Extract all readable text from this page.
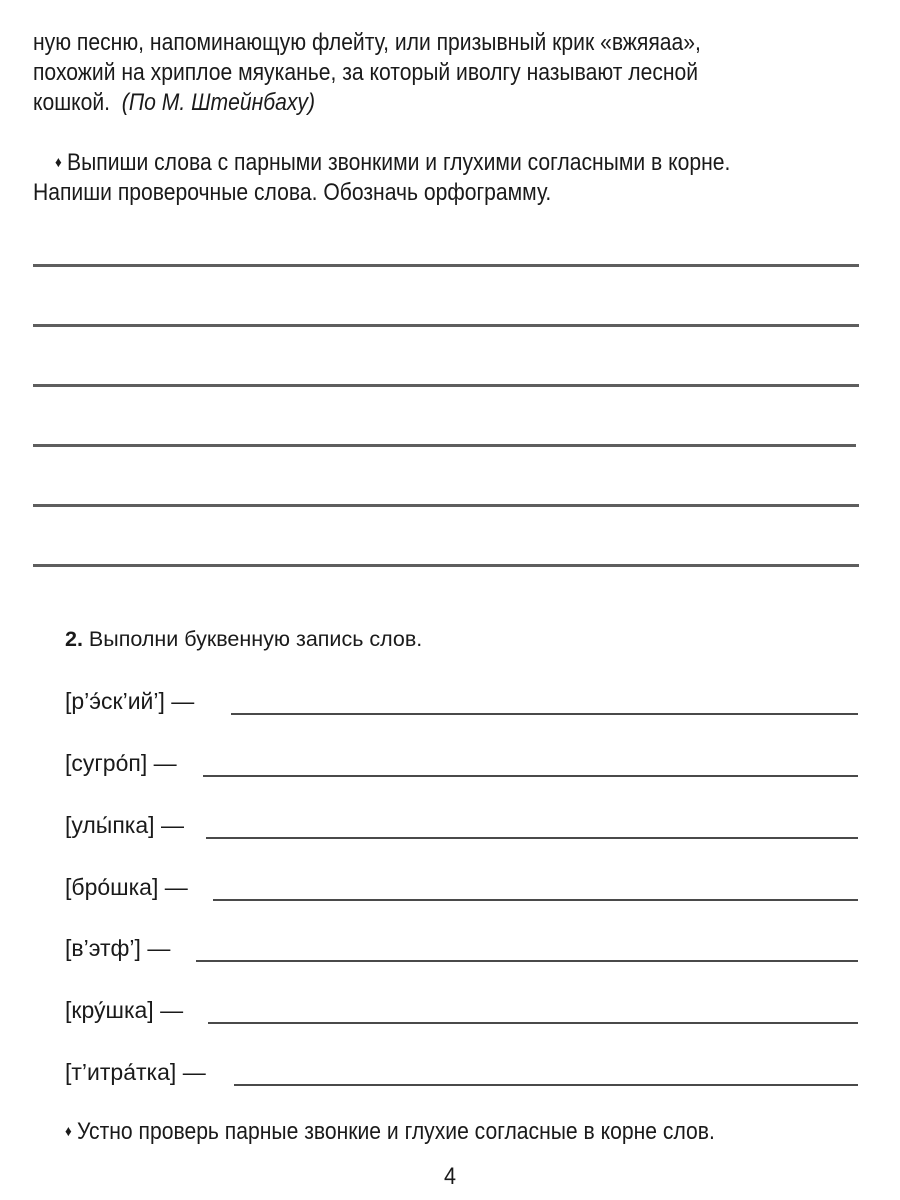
ную песню, напоминающую флейту, или призывный крик «вжяяаа»,
похожий на хриплое мяуканье, за который иволгу называют лесной
кошкой. (По М. Штейнбаху)
♦ Выпиши слова с парными звонкими и глухими согласными в корне.
Напиши проверочные слова. Обозначь орфограмму.
2. Выполни буквенную запись слов.
[р’э́ск’ий’] —
[сугро́п] —
[улы́пка] —
[бро́шка] —
[в’этф’] —
[кру́шка] —
[т’итра́тка] —
♦ Устно проверь парные звонкие и глухие согласные в корне слов.
4
